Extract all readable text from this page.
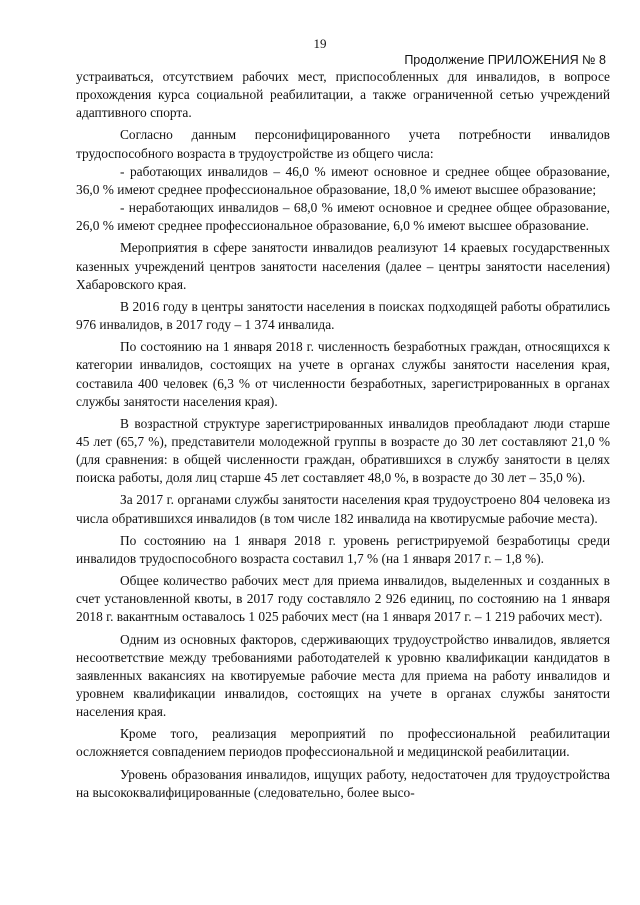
19
Продолжение ПРИЛОЖЕНИЯ № 8

устраиваться, отсутствием рабочих мест, приспособленных для инвалидов, в вопросе прохождения курса социальной реабилитации, а также ограниченной сетью учреждений адаптивного спорта.

Согласно данным персонифицированного учета потребности инвалидов трудоспособного возраста в трудоустройстве из общего числа:

- работающих инвалидов – 46,0 % имеют основное и среднее общее образование, 36,0 % имеют среднее профессиональное образование, 18,0 % имеют высшее образование;

- неработающих инвалидов – 68,0 % имеют основное и среднее общее образование, 26,0 % имеют среднее профессиональное образование, 6,0 % имеют высшее образование.

Мероприятия в сфере занятости инвалидов реализуют 14 краевых государственных казенных учреждений центров занятости населения (далее – центры занятости населения) Хабаровского края.

В 2016 году в центры занятости населения в поисках подходящей работы обратились 976 инвалидов, в 2017 году – 1 374 инвалида.

По состоянию на 1 января 2018 г. численность безработных граждан, относящихся к категории инвалидов, состоящих на учете в органах службы занятости населения края, составила 400 человек (6,3 % от численности безработных, зарегистрированных в органах службы занятости населения края).

В возрастной структуре зарегистрированных инвалидов преобладают люди старше 45 лет (65,7 %), представители молодежной группы в возрасте до 30 лет составляют 21,0 % (для сравнения: в общей численности граждан, обратившихся в службу занятости в целях поиска работы, доля лиц старше 45 лет составляет 48,0 %, в возрасте до 30 лет – 35,0 %).

За 2017 г. органами службы занятости населения края трудоустроено 804 человека из числа обратившихся инвалидов (в том числе 182 инвалида на квотирусмые рабочие места).

По состоянию на 1 января 2018 г. уровень регистрируемой безработицы среди инвалидов трудоспособного возраста составил 1,7 % (на 1 января 2017 г. – 1,8 %).

Общее количество рабочих мест для приема инвалидов, выделенных и созданных в счет установленной квоты, в 2017 году составляло 2 926 единиц, по состоянию на 1 января 2018 г. вакантным оставалось 1 025 рабочих мест (на 1 января 2017 г. – 1 219 рабочих мест).

Одним из основных факторов, сдерживающих трудоустройство инвалидов, является несоответствие между требованиями работодателей к уровню квалификации кандидатов в заявленных вакансиях на квотируемые рабочие места для приема на работу инвалидов и уровнем квалификации инвалидов, состоящих на учете в органах службы занятости населения края.

Кроме того, реализация мероприятий по профессиональной реабилитации осложняется совпадением периодов профессиональной и медицинской реабилитации.

Уровень образования инвалидов, ищущих работу, недостаточен для трудоустройства на высококвалифицированные (следовательно, более высо-
